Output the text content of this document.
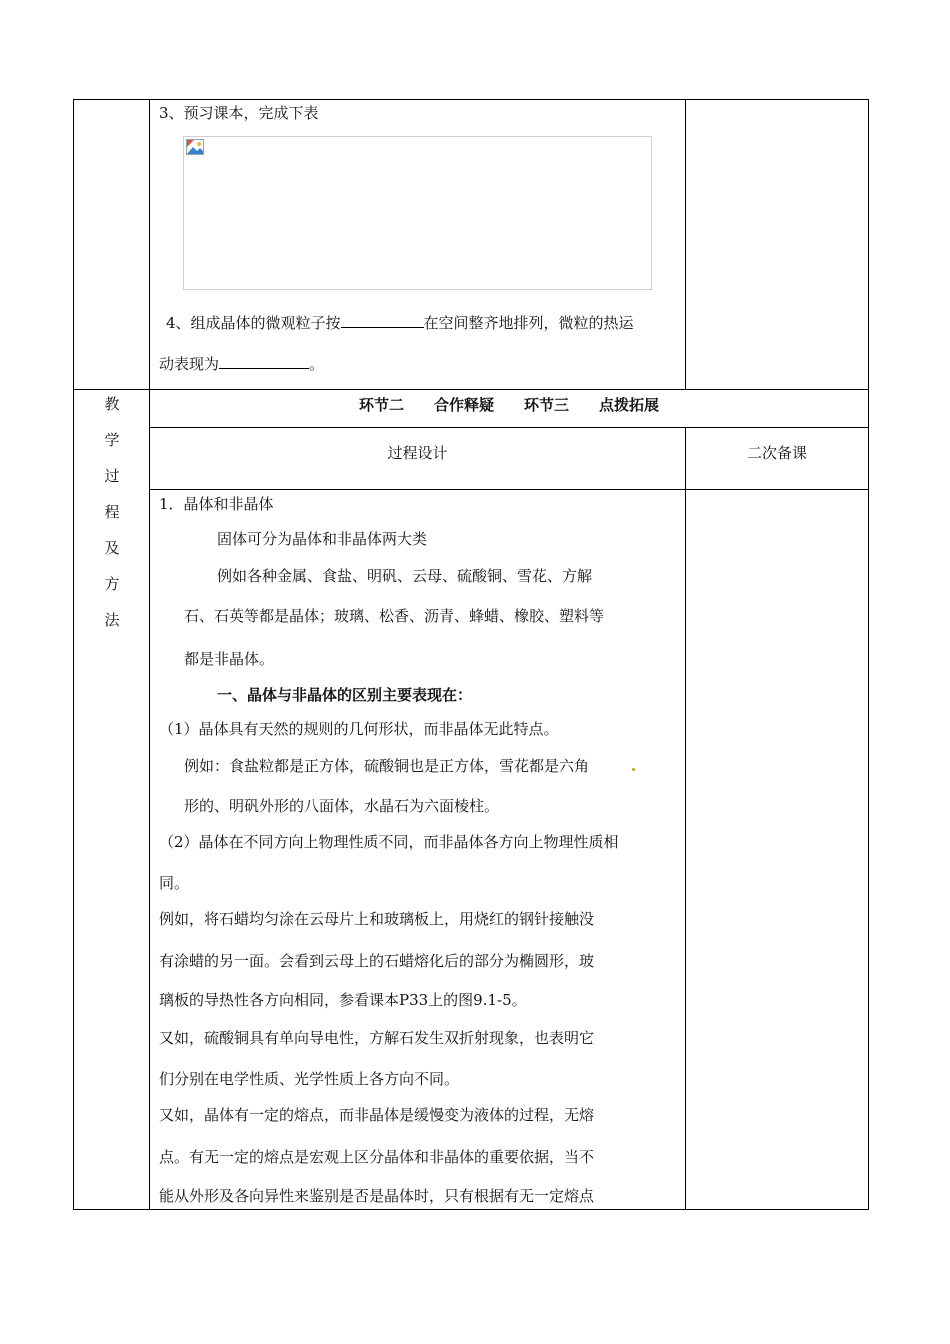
3、预习课本，完成下表
4、组成晶体的微观粒子按	在空间整齐地排列，微粒的热运
动表现为	。
教
学
过
程
及
方
法
环节二　　合作释疑　　环节三　　点拨拓展
过程设计	二次备课
1．晶体和非晶体
固体可分为晶体和非晶体两大类
例如各种金属、食盐、明矾、云母、硫酸铜、雪花、方解
石、石英等都是晶体；玻璃、松香、沥青、蜂蜡、橡胶、塑料等
都是非晶体。
一、晶体与非晶体的区别主要表现在：
（1）晶体具有天然的规则的几何形状，而非晶体无此特点。
例如：食盐粒都是正方体，硫酸铜也是正方体，雪花都是六角
形的、明矾外形的八面体，水晶石为六面棱柱。
（2）晶体在不同方向上物理性质不同，而非晶体各方向上物理性质相
同。
例如，将石蜡均匀涂在云母片上和玻璃板上，用烧红的钢针接触没
有涂蜡的另一面。会看到云母上的石蜡熔化后的部分为椭圆形，玻
璃板的导热性各方向相同，参看课本P33上的图9.1-5。
又如，硫酸铜具有单向导电性，方解石发生双折射现象，也表明它
们分别在电学性质、光学性质上各方向不同。
又如，晶体有一定的熔点，而非晶体是缓慢变为液体的过程，无熔
点。有无一定的熔点是宏观上区分晶体和非晶体的重要依据，当不
能从外形及各向异性来鉴别是否是晶体时，只有根据有无一定熔点
